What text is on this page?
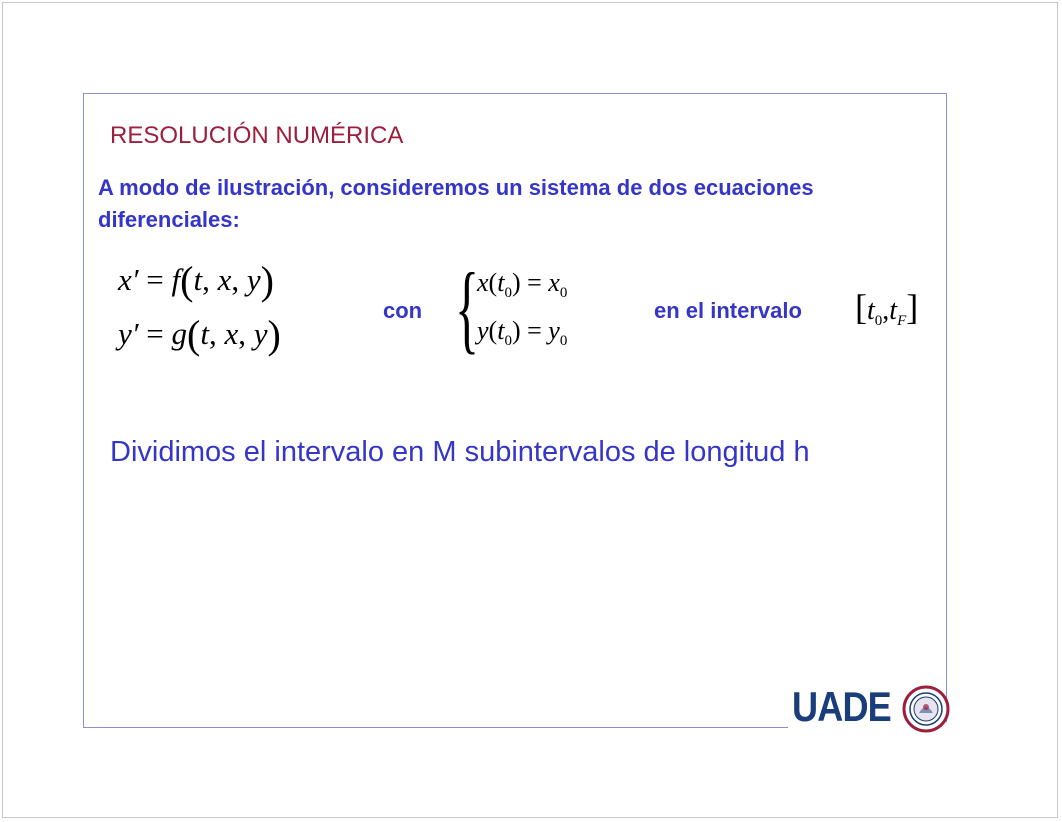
RESOLUCIÓN NUMÉRICA
A modo de ilustración, consideremos un sistema de dos ecuaciones diferenciales:
x′ = f(t, x, y)
y′ = g(t, x, y)
con {
$x(t_0) = x_0$
$y(t_0) = y_0$
en el intervalo $[t_0,t_F]$
Dividimos el intervalo en M subintervalos de longitud h
UADE
